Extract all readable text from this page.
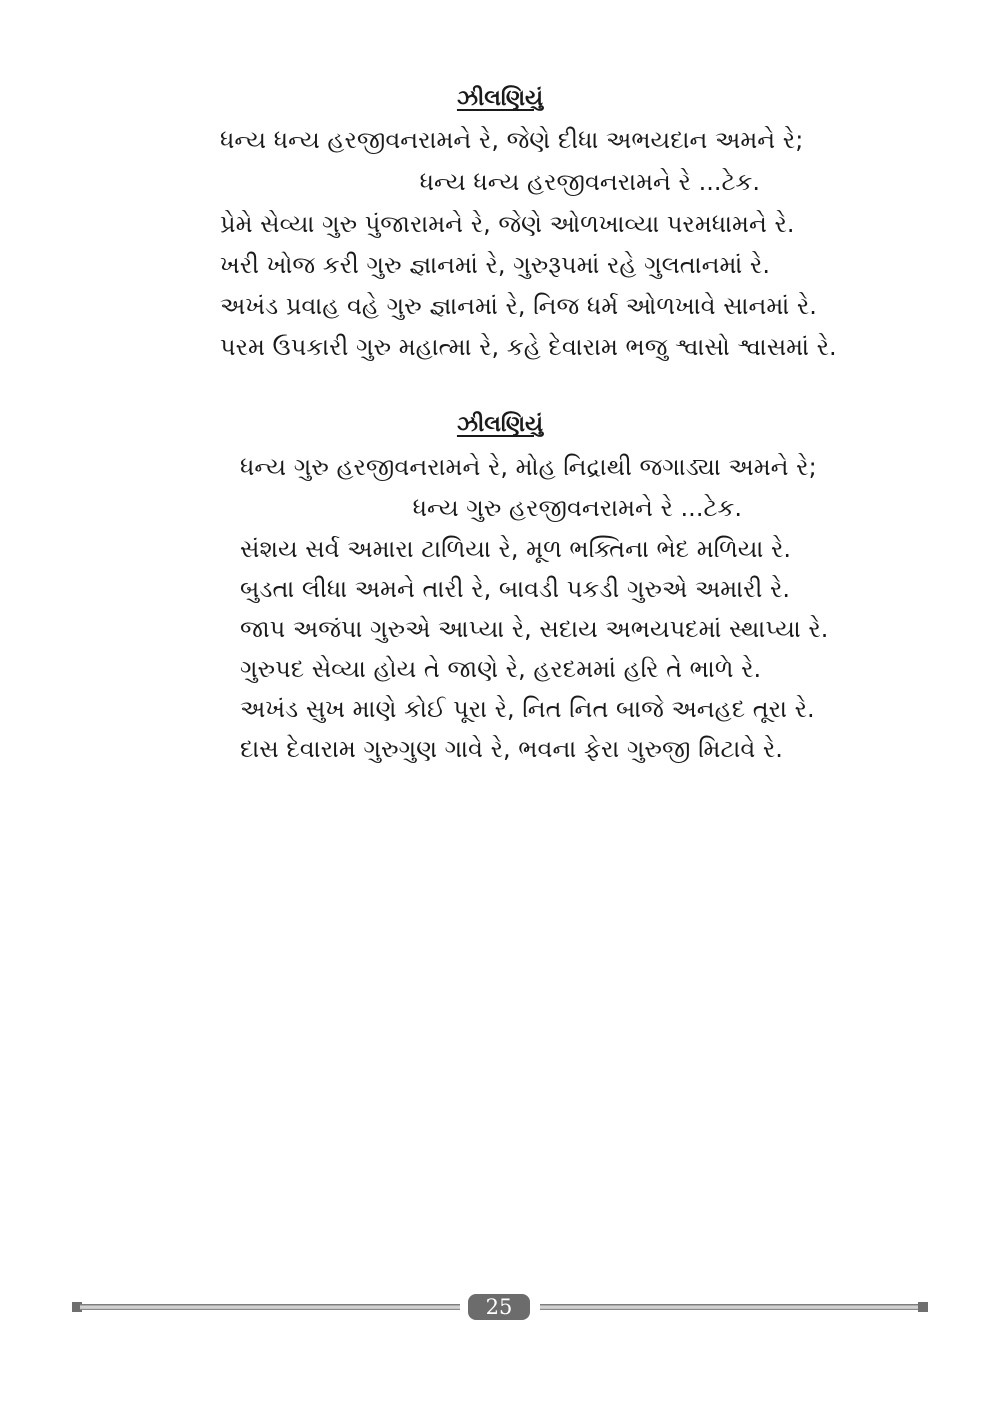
ઝીલણિયું
ધન્ય ધન્ય હરજીવનરામને રે, જેણે દીધા અભયદાન અમને રે;
ધન્ય ધન્ય હરજીવનરામને રે ...ટેક.
પ્રેમે સેવ્યા ગુરુ પુંજારામને રે, જેણે ઓળખાવ્યા પરમધામને રે.
ખરી ખોજ કરી ગુરુ જ્ઞાનમાં રે, ગુરુરૂપમાં રહે ગુલતાનમાં રે.
અખંડ પ્રવાહ વહે ગુરુ જ્ઞાનમાં રે, નિજ ધર્મ ઓળખાવે સાનમાં રે.
પરમ ઉપકારી ગુરુ મહાત્મા રે, કહે દેવારામ ભજુ શ્વાસો શ્વાસમાં રે.
ઝીલણિયું
ધન્ય ગુરુ હરજીવનરામને રે, મોહ નિદ્રાથી જગાડ્યા અમને રે;
ધન્ય ગુરુ હરજીવનરામને રે ...ટેક.
સંશય સર્વ અમારા ટાળિયા રે, મૂળ ભક્તિના ભેદ મળિયા રે.
બુડતા લીધા અમને તારી રે, બાવડી પકડી ગુરુએ અમારી રે.
જાપ અજંપા ગુરુએ આપ્યા રે, સદાય અભયપદમાં સ્થાપ્યા રે.
ગુરુપદ સેવ્યા હોય તે જાણે રે, હરદમમાં હરિ તે ભાળે રે.
અખંડ સુખ માણે કોઈ પૂરા રે, નિત નિત બાજે અનહદ તૂરા રે.
દાસ દેવારામ ગુરુગુણ ગાવે રે, ભવના ફેરા ગુરુજી મિટાવે રે.
25
